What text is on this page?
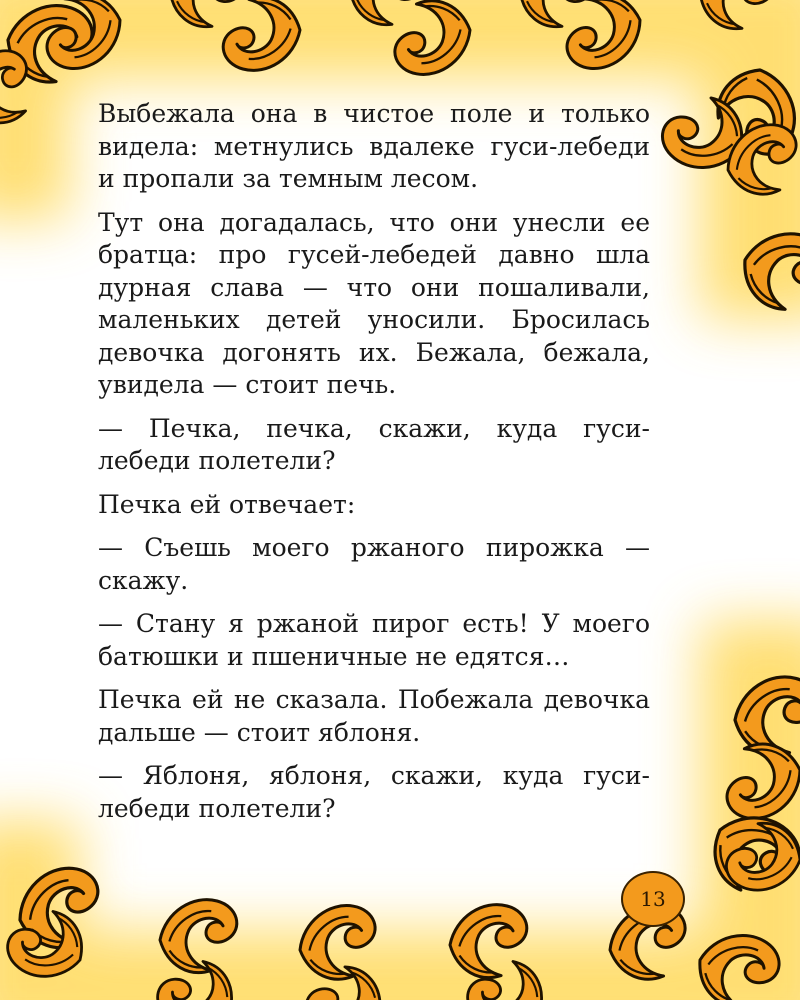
Выбежала она в чистое поле и только видела: метнулись вдалеке гуси-лебеди и пропали за темным лесом.

Тут она догадалась, что они унесли ее братца: про гусей-лебедей давно шла дурная слава — что они пошаливали, маленьких детей уносили. Бросилась девочка догонять их. Бежала, бежала, увидела — стоит печь.

— Печка, печка, скажи, куда гуси-лебеди полетели?

Печка ей отвечает:

— Съешь моего ржаного пирожка — скажу.

— Стану я ржаной пирог есть! У моего батюшки и пшеничные не едятся…

Печка ей не сказала. Побежала девочка дальше — стоит яблоня.

— Яблоня, яблоня, скажи, куда гуси-лебеди полетели?

13
